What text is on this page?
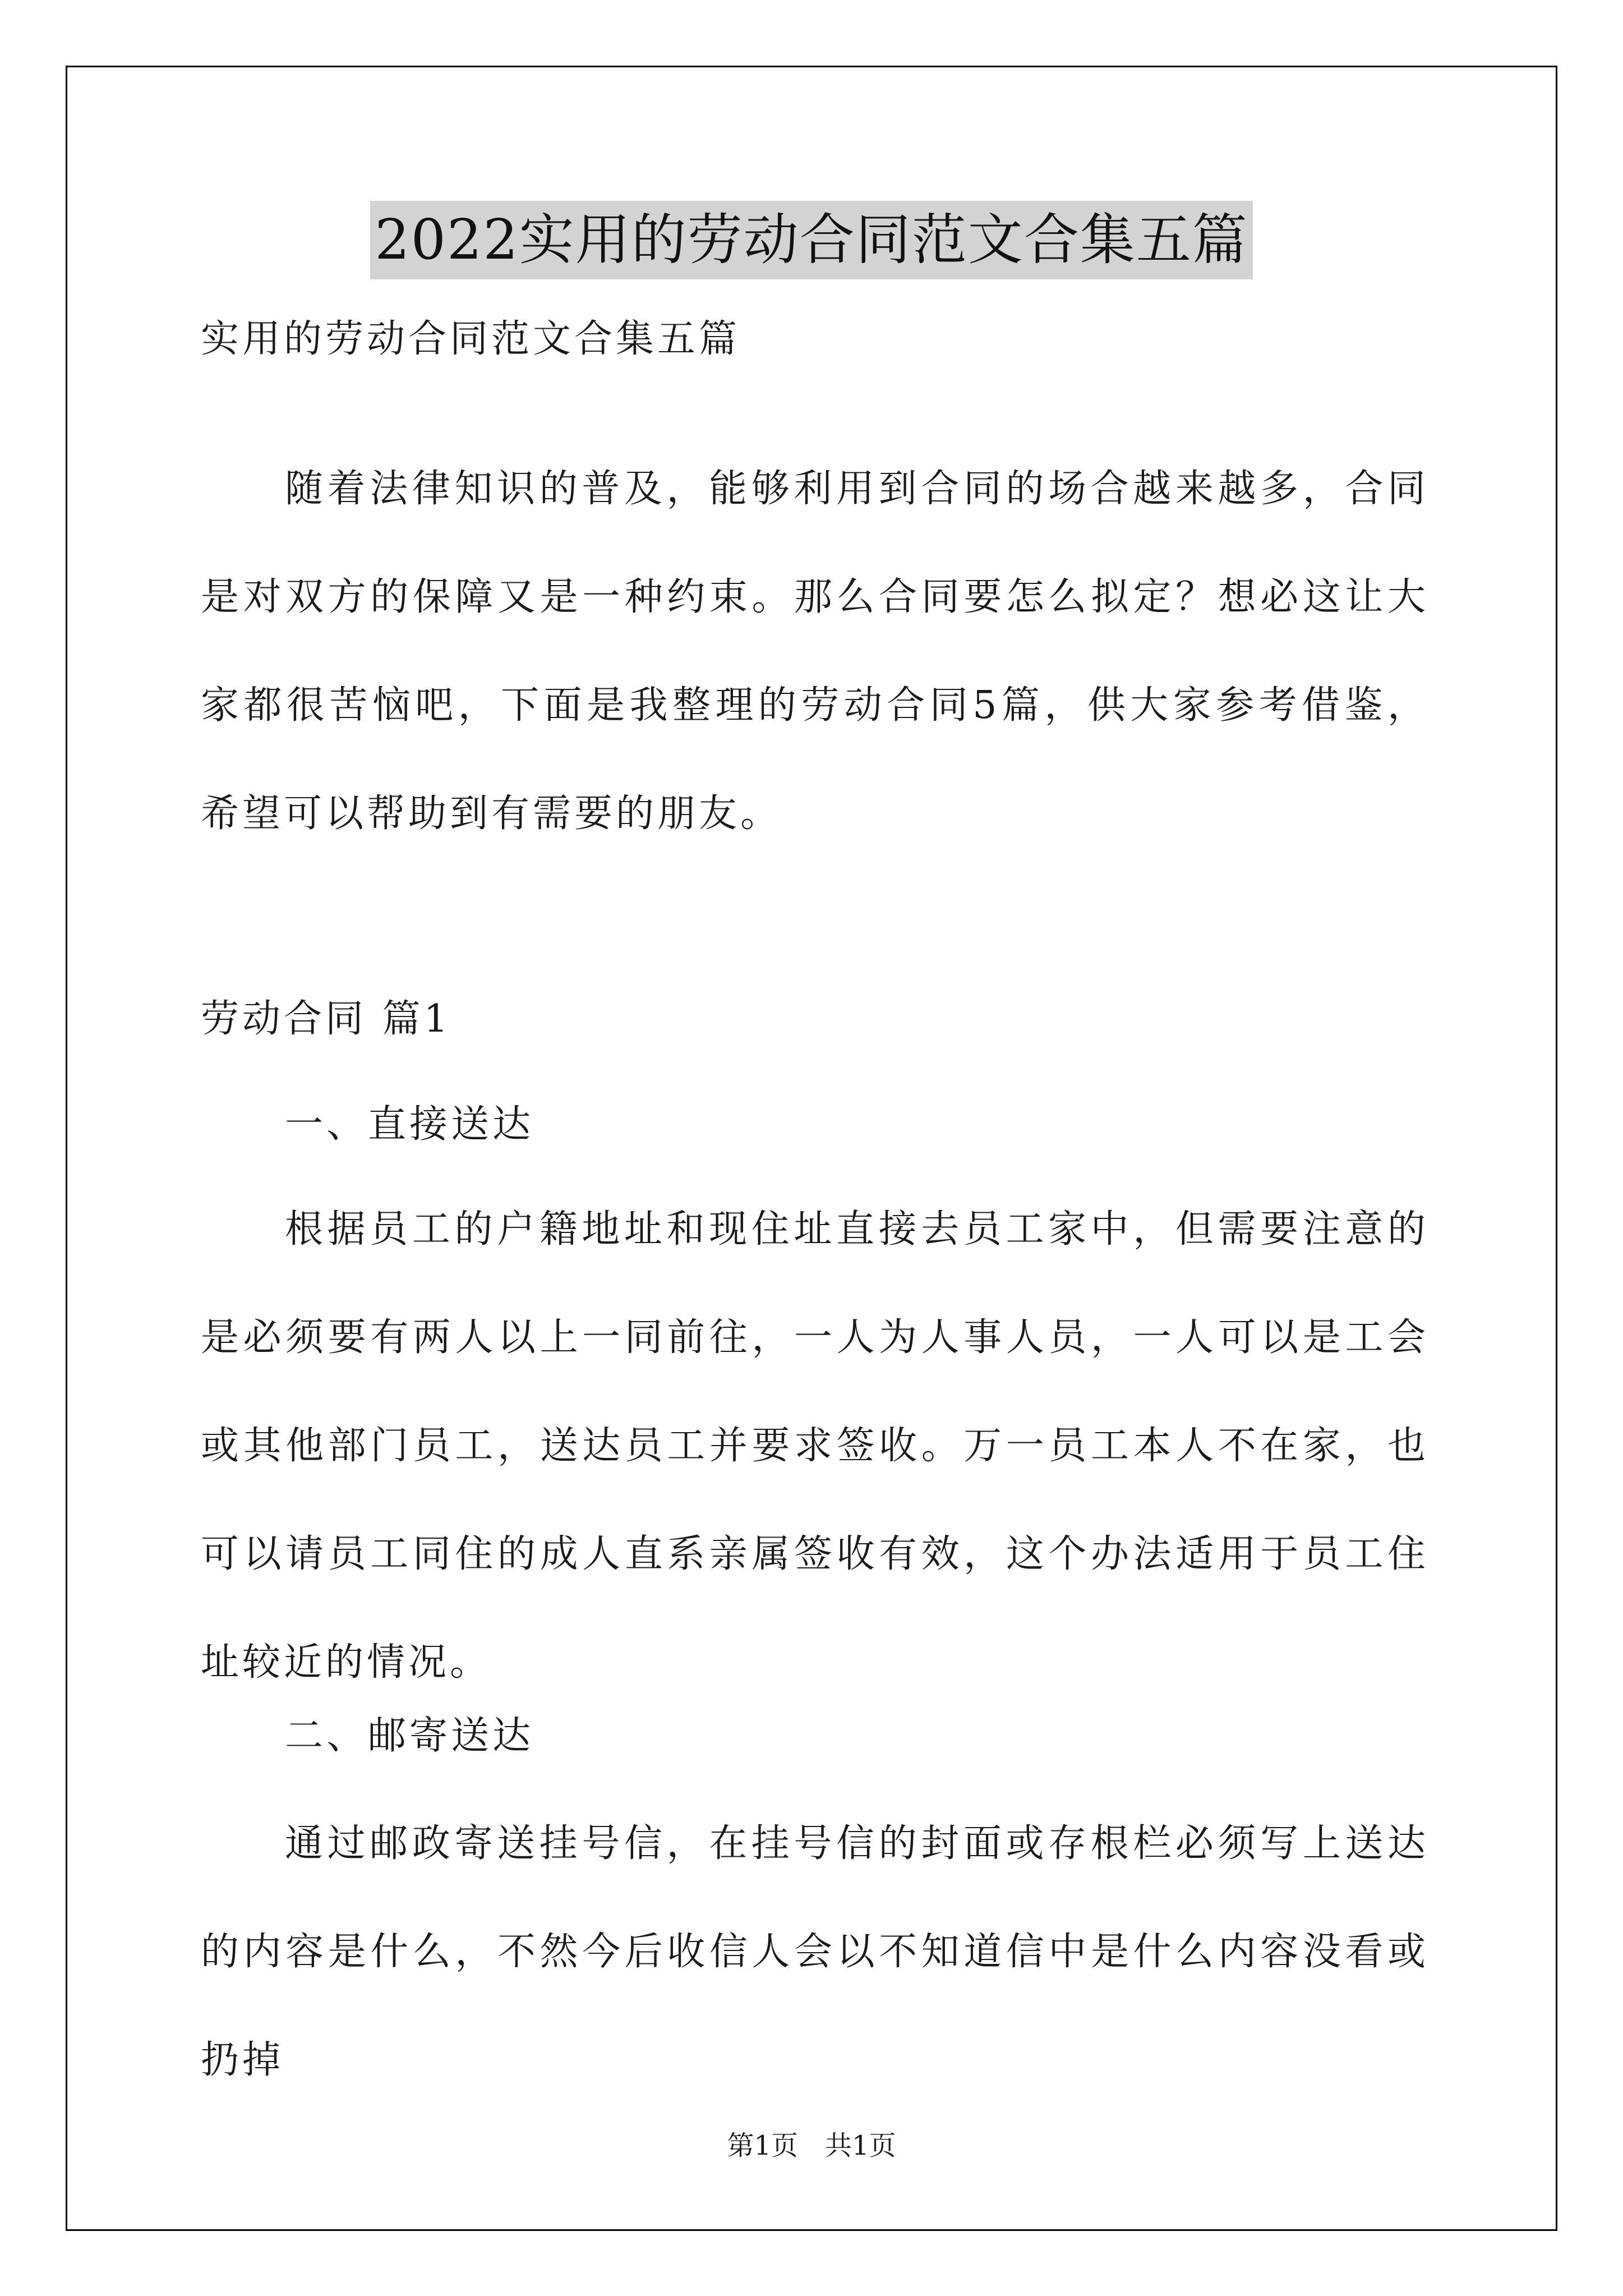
2022实用的劳动合同范文合集五篇
实用的劳动合同范文合集五篇
随着法律知识的普及，能够利用到合同的场合越来越多，合同是对双方的保障又是一种约束。那么合同要怎么拟定？想必这让大家都很苦恼吧，下面是我整理的劳动合同5篇，供大家参考借鉴，希望可以帮助到有需要的朋友。
劳动合同 篇1
一、直接送达
根据员工的户籍地址和现住址直接去员工家中，但需要注意的是必须要有两人以上一同前往，一人为人事人员，一人可以是工会或其他部门员工，送达员工并要求签收。万一员工本人不在家，也可以请员工同住的成人直系亲属签收有效，这个办法适用于员工住址较近的情况。
二、邮寄送达
通过邮政寄送挂号信，在挂号信的封面或存根栏必须写上送达的内容是什么，不然今后收信人会以不知道信中是什么内容没看或扔掉
第1页　共1页
